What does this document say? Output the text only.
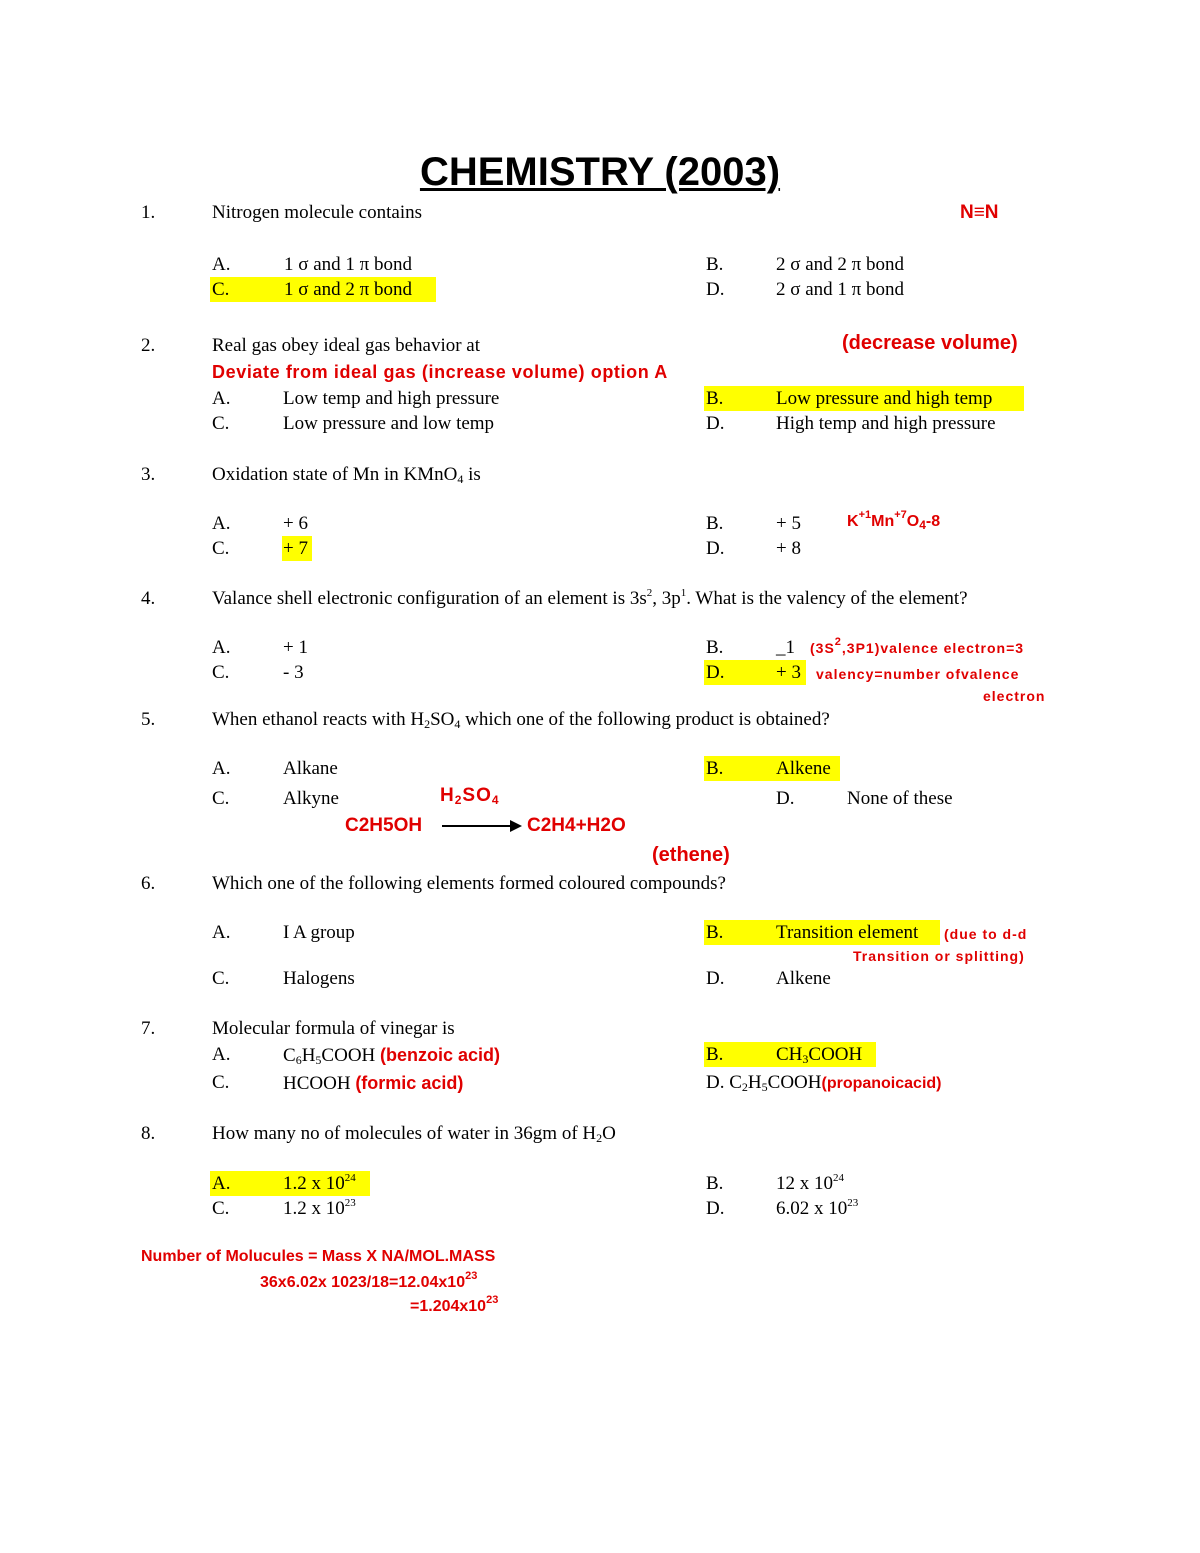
CHEMISTRY (2003)
1.	Nitrogen molecule contains	N≡N
A.	1 σ and 1 π bond	B.	2 σ and 2 π bond
C.	1 σ and 2 π bond	D.	2 σ and 1 π bond
2.	Real gas obey ideal gas behavior at	(decrease volume)
Deviate from ideal gas (increase volume) option A
A.	Low temp and high pressure	B.	Low pressure and high temp
C.	Low pressure and low temp	D.	High temp and high pressure
3.	Oxidation state of Mn in KMnO$_4$ is
A.	+ 6	B.	+ 5	$K^{+1}Mn^{+7}O_4-8$
C.	+ 7	D.	+ 8
4.	Valance shell electronic configuration of an element is $3s^2$, $3p^1$. What is the valency of the element?
A.	+ 1	B.	_1 $(3S^2,3P1)valence$ electron=3
C.	- 3	D.	+ 3 valency=number ofvalence
electron
5.	When ethanol reacts with $H_2SO_4$ which one of the following product is obtained?
A.	Alkane	B.	Alkene
C.	Alkyne	$H_2SO_4$	D.	None of these
C2H5OH	C2H4+H2O
(ethene)
6.	Which one of the following elements formed coloured compounds?
A.	I A group	B.	Transition element (due to d-d
Transition or splitting)
C.	Halogens	D.	Alkene
7.	Molecular formula of vinegar is
A.	$C_6H_5COOH$ (benzoic acid)	B.	$CH_3COOH$
C.	HCOOH (formic acid)	D. $C_2H_5COOH(propanoicacid)$
8.	How many no of molecules of water in 36gm of $H_2O$
A.	1.2 x $10^{24}$	B.	12 x $10^{24}$
C.	1.2 x $10^{23}$	D.	6.02 x $10^{23}$
Number of Molucules = Mass X NA/MOL.MASS
36x6.02x $1023/18=12.04x10^{23}$
$=1.204x10^{23}$
